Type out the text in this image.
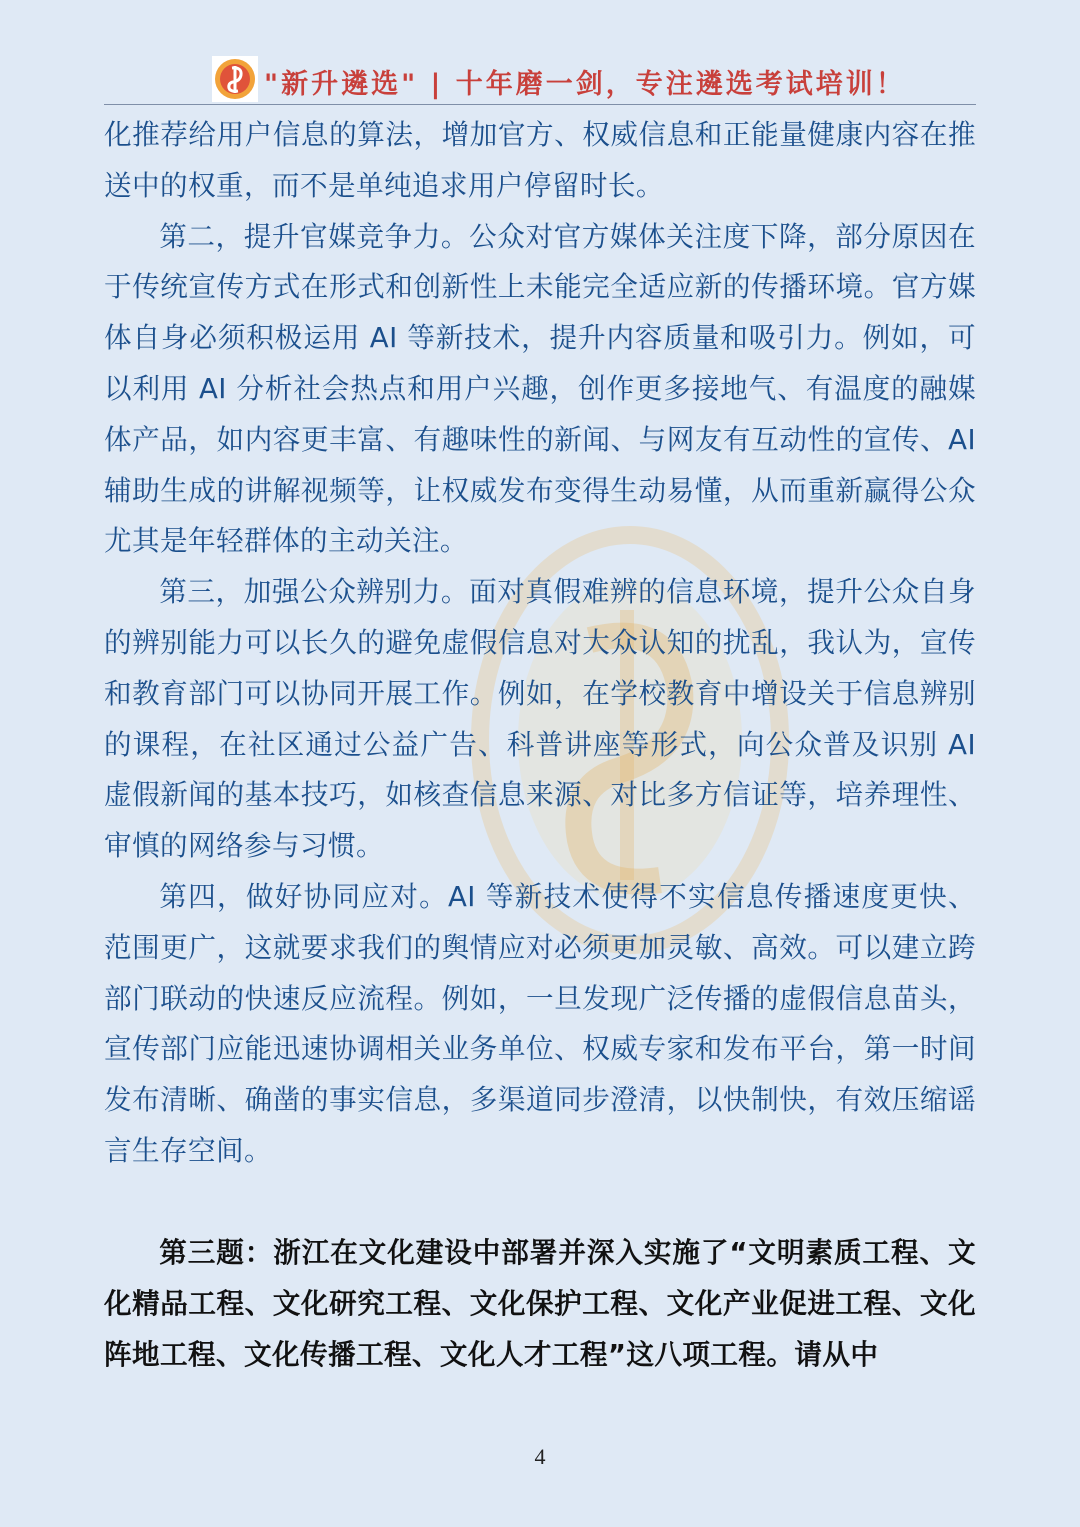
"新升遴选" | 十年磨一剑，专注遴选考试培训！

化推荐给用户信息的算法，增加官方、权威信息和正能量健康内容在推送中的权重，而不是单纯追求用户停留时长。

第二，提升官媒竞争力。公众对官方媒体关注度下降，部分原因在于传统宣传方式在形式和创新性上未能完全适应新的传播环境。官方媒体自身必须积极运用 AI 等新技术，提升内容质量和吸引力。例如，可以利用 AI 分析社会热点和用户兴趣，创作更多接地气、有温度的融媒体产品，如内容更丰富、有趣味性的新闻、与网友有互动性的宣传、AI 辅助生成的讲解视频等，让权威发布变得生动易懂，从而重新赢得公众尤其是年轻群体的主动关注。

第三，加强公众辨别力。面对真假难辨的信息环境，提升公众自身的辨别能力可以长久的避免虚假信息对大众认知的扰乱，我认为，宣传和教育部门可以协同开展工作。例如，在学校教育中增设关于信息辨别的课程，在社区通过公益广告、科普讲座等形式，向公众普及识别 AI 虚假新闻的基本技巧，如核查信息来源、对比多方信证等，培养理性、审慎的网络参与习惯。

第四，做好协同应对。AI 等新技术使得不实信息传播速度更快、范围更广，这就要求我们的舆情应对必须更加灵敏、高效。可以建立跨部门联动的快速反应流程。例如，一旦发现广泛传播的虚假信息苗头，宣传部门应能迅速协调相关业务单位、权威专家和发布平台，第一时间发布清晰、确凿的事实信息，多渠道同步澄清，以快制快，有效压缩谣言生存空间。

第三题：浙江在文化建设中部署并深入实施了“文明素质工程、文化精品工程、文化研究工程、文化保护工程、文化产业促进工程、文化阵地工程、文化传播工程、文化人才工程”这八项工程。请从中

4
